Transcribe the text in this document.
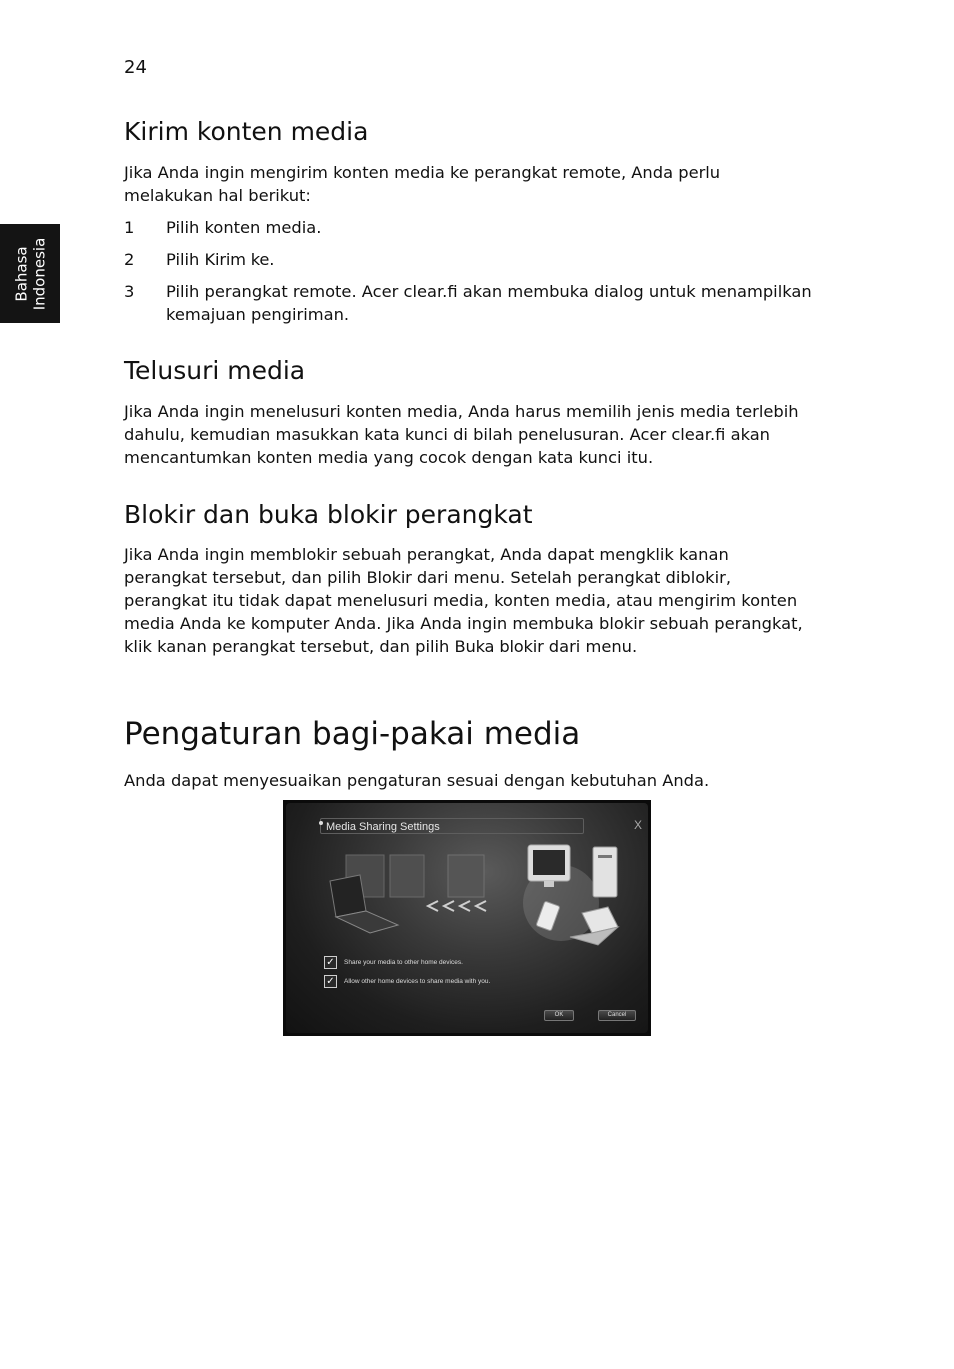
24
Bahasa Indonesia
Kirim konten media

Jika Anda ingin mengirim konten media ke perangkat remote, Anda perlu melakukan hal berikut:

1	Pilih konten media.
2	Pilih Kirim ke.
3	Pilih perangkat remote. Acer clear.fi akan membuka dialog untuk menampilkan kemajuan pengiriman.
Telusuri media

Jika Anda ingin menelusuri konten media, Anda harus memilih jenis media terlebih dahulu, kemudian masukkan kata kunci di bilah penelusuran. Acer clear.fi akan mencantumkan konten media yang cocok dengan kata kunci itu.

Blokir dan buka blokir perangkat

Jika Anda ingin memblokir sebuah perangkat, Anda dapat mengklik kanan perangkat tersebut, dan pilih Blokir dari menu. Setelah perangkat diblokir, perangkat itu tidak dapat menelusuri media, konten media, atau mengirim konten media Anda ke komputer Anda. Jika Anda ingin membuka blokir sebuah perangkat, klik kanan perangkat tersebut, dan pilih Buka blokir dari menu.

Pengaturan bagi-pakai media

Anda dapat menyesuaikan pengaturan sesuai dengan kebutuhan Anda.

Media Sharing Settings	X
✓	Share your media to other home devices.
✓	Allow other home devices to share media with you.
OK	Cancel
